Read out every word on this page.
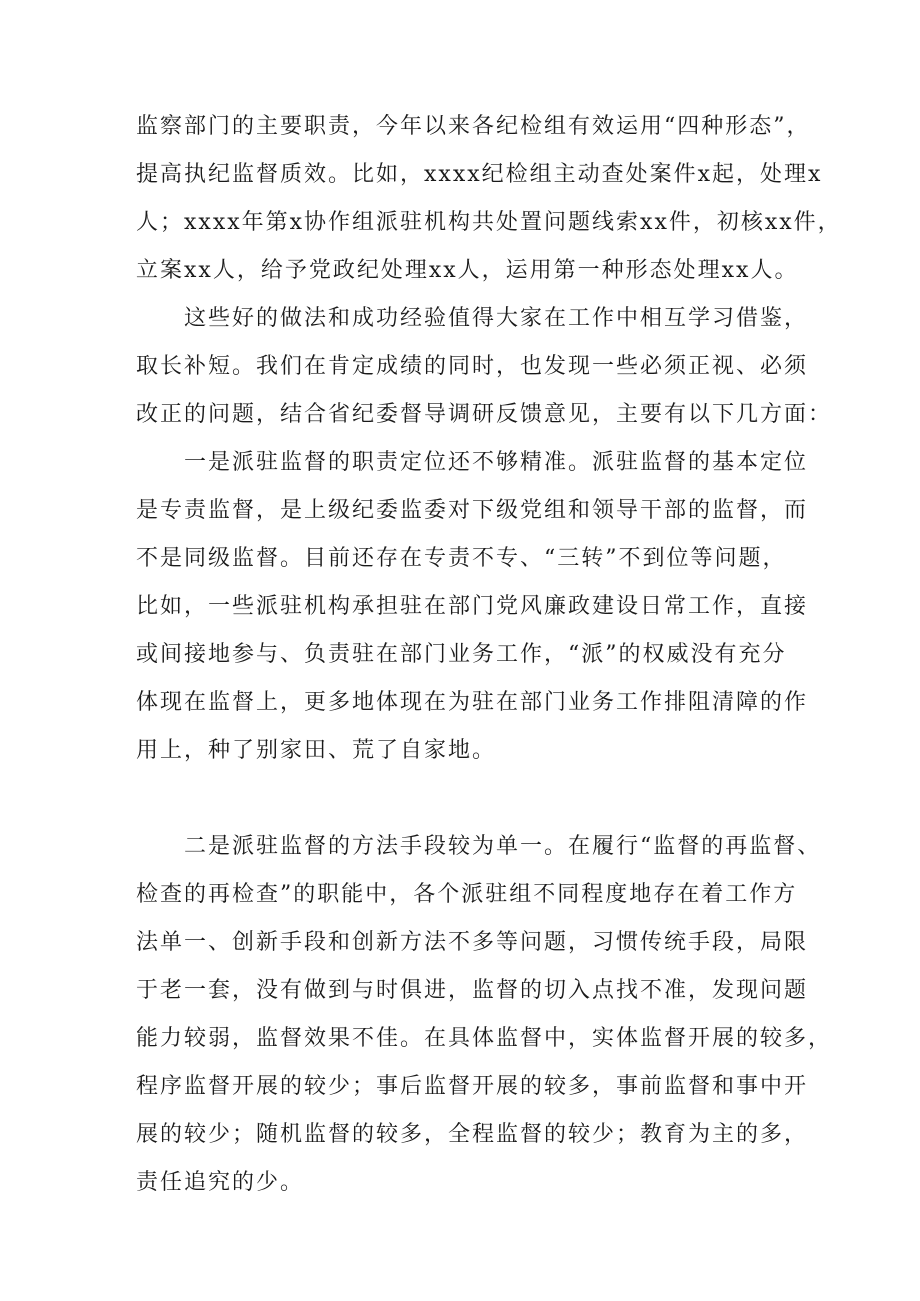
监察部门的主要职责，今年以来各纪检组有效运用“四种形态”，
提高执纪监督质效。比如，xxxx纪检组主动查处案件x起，处理x
人；xxxx年第x协作组派驻机构共处置问题线索xx件，初核xx件，
立案xx人，给予党政纪处理xx人，运用第一种形态处理xx人。
　　这些好的做法和成功经验值得大家在工作中相互学习借鉴，
取长补短。我们在肯定成绩的同时，也发现一些必须正视、必须
改正的问题，结合省纪委督导调研反馈意见，主要有以下几方面：
　　一是派驻监督的职责定位还不够精准。派驻监督的基本定位
是专责监督，是上级纪委监委对下级党组和领导干部的监督，而
不是同级监督。目前还存在专责不专、“三转”不到位等问题，
比如，一些派驻机构承担驻在部门党风廉政建设日常工作，直接
或间接地参与、负责驻在部门业务工作，“派”的权威没有充分
体现在监督上，更多地体现在为驻在部门业务工作排阻清障的作
用上，种了别家田、荒了自家地。
　　二是派驻监督的方法手段较为单一。在履行“监督的再监督、
检查的再检查”的职能中，各个派驻组不同程度地存在着工作方
法单一、创新手段和创新方法不多等问题，习惯传统手段，局限
于老一套，没有做到与时俱进，监督的切入点找不准，发现问题
能力较弱，监督效果不佳。在具体监督中，实体监督开展的较多，
程序监督开展的较少；事后监督开展的较多，事前监督和事中开
展的较少；随机监督的较多，全程监督的较少；教育为主的多，
责任追究的少。
